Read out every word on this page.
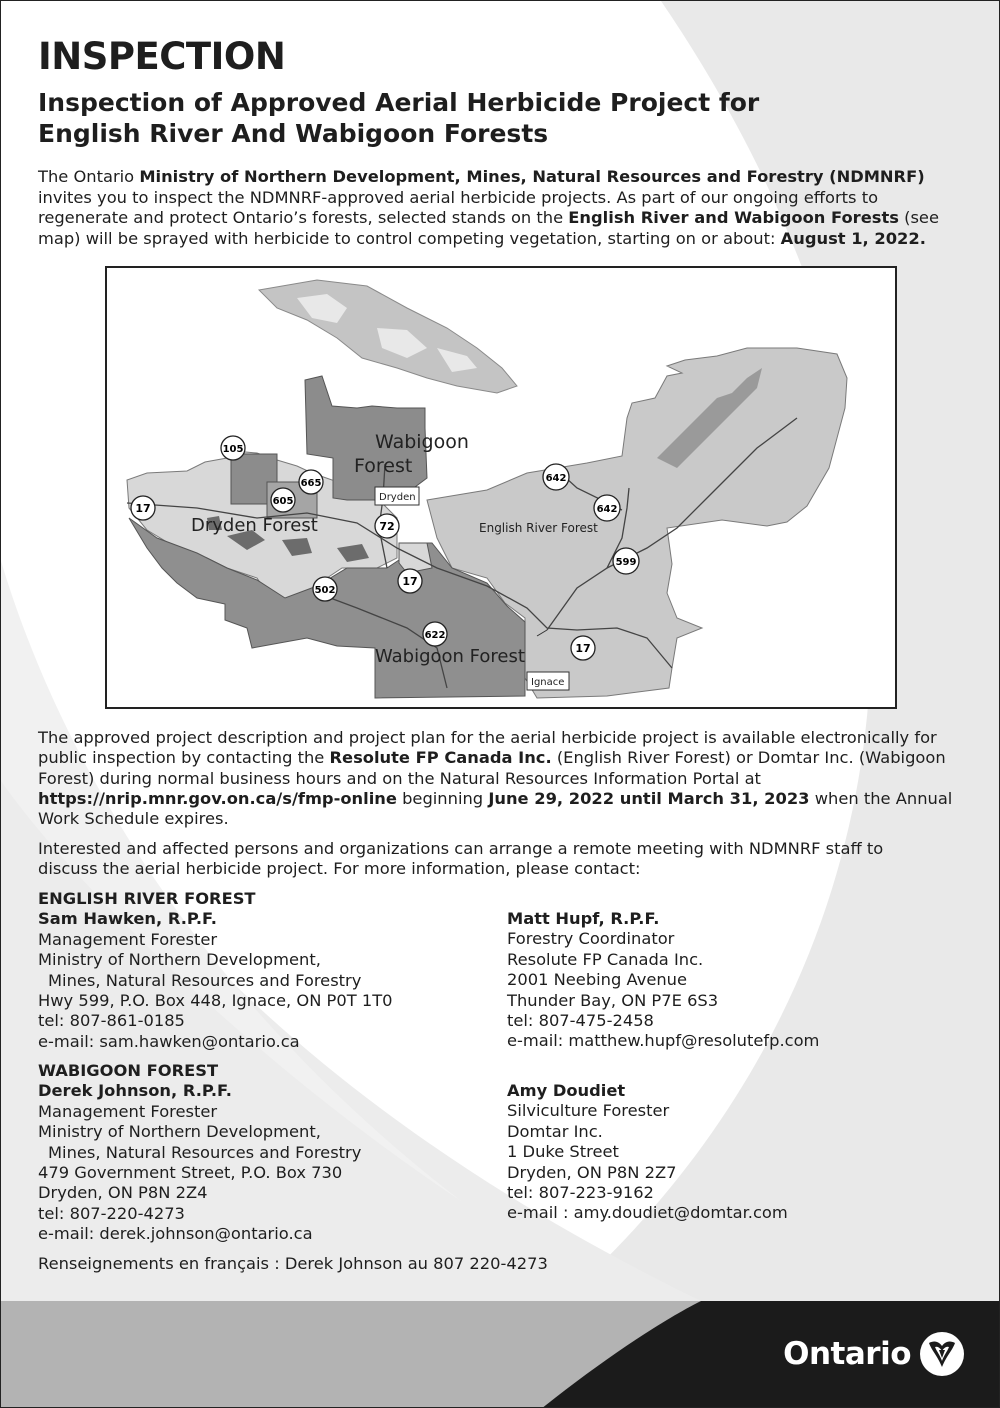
INSPECTION
Inspection of Approved Aerial Herbicide Project for English River And Wabigoon Forests

The Ontario Ministry of Northern Development, Mines, Natural Resources and Forestry (NDMNRF) invites you to inspect the NDMNRF-approved aerial herbicide projects. As part of our ongoing efforts to regenerate and protect Ontario’s forests, selected stands on the English River and Wabigoon Forests (see map) will be sprayed with herbicide to control competing vegetation, starting on or about: August 1, 2022.

The approved project description and project plan for the aerial herbicide project is available electronically for public inspection by contacting the Resolute FP Canada Inc. (English River Forest) or Domtar Inc. (Wabigoon Forest) during normal business hours and on the Natural Resources Information Portal at https://nrip.mnr.gov.on.ca/s/fmp-online beginning June 29, 2022 until March 31, 2023 when the Annual Work Schedule expires.

Interested and affected persons and organizations can arrange a remote meeting with NDMNRF staff to discuss the aerial herbicide project. For more information, please contact:

ENGLISH RIVER FOREST
Sam Hawken, R.P.F.
Management Forester
Ministry of Northern Development,
Mines, Natural Resources and Forestry
Hwy 599, P.O. Box 448, Ignace, ON P0T 1T0
tel: 807-861-0185
e-mail: sam.hawken@ontario.ca
Matt Hupf, R.P.F.
Forestry Coordinator
Resolute FP Canada Inc.
2001 Neebing Avenue
Thunder Bay, ON P7E 6S3
tel: 807-475-2458
e-mail: matthew.hupf@resolutefp.com
WABIGOON FOREST
Derek Johnson, R.P.F.
Management Forester
Ministry of Northern Development,
Mines, Natural Resources and Forestry
479 Government Street, P.O. Box 730
Dryden, ON P8N 2Z4
tel: 807-220-4273
e-mail: derek.johnson@ontario.ca
Amy Doudiet
Silviculture Forester
Domtar Inc.
1 Duke Street
Dryden, ON P8N 2Z7
tel: 807-223-9162
e-mail : amy.doudiet@domtar.com
Renseignements en français : Derek Johnson au 807 220-4273
Wabigoon
Forest
Dryden Forest	English River Forest
Wabigoon Forest
Dryden
Ignace
105
665
605
17
72
642
642
599
502
17
622
17
Ontario
